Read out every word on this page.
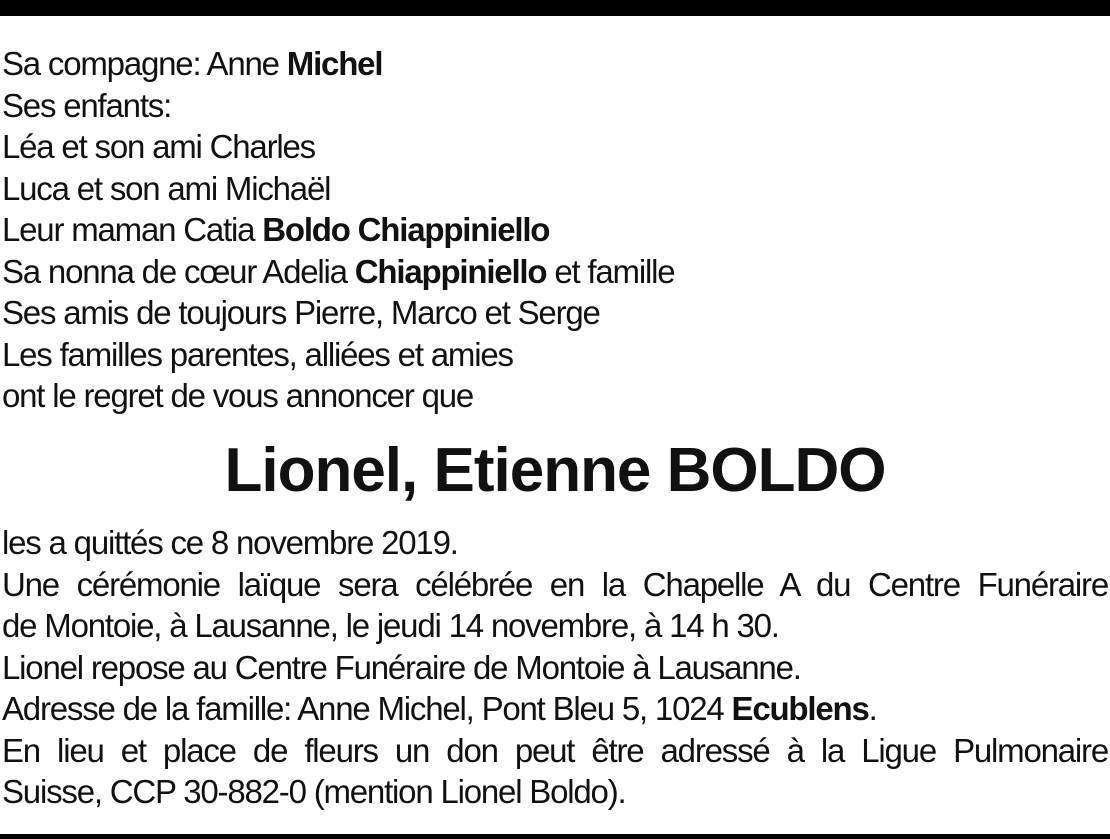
Sa compagne: Anne Michel
Ses enfants:
Léa et son ami Charles
Luca et son ami Michaël
Leur maman Catia Boldo Chiappiniello
Sa nonna de cœur Adelia Chiappiniello et famille
Ses amis de toujours Pierre, Marco et Serge
Les familles parentes, alliées et amies
ont le regret de vous annoncer que
Lionel, Etienne BOLDO
les a quittés ce 8 novembre 2019.
Une cérémonie laïque sera célébrée en la Chapelle A du Centre Funéraire
de Montoie, à Lausanne, le jeudi 14 novembre, à 14 h 30.
Lionel repose au Centre Funéraire de Montoie à Lausanne.
Adresse de la famille: Anne Michel, Pont Bleu 5, 1024 Ecublens.
En lieu et place de fleurs un don peut être adressé à la Ligue Pulmonaire
Suisse, CCP 30-882-0 (mention Lionel Boldo).
